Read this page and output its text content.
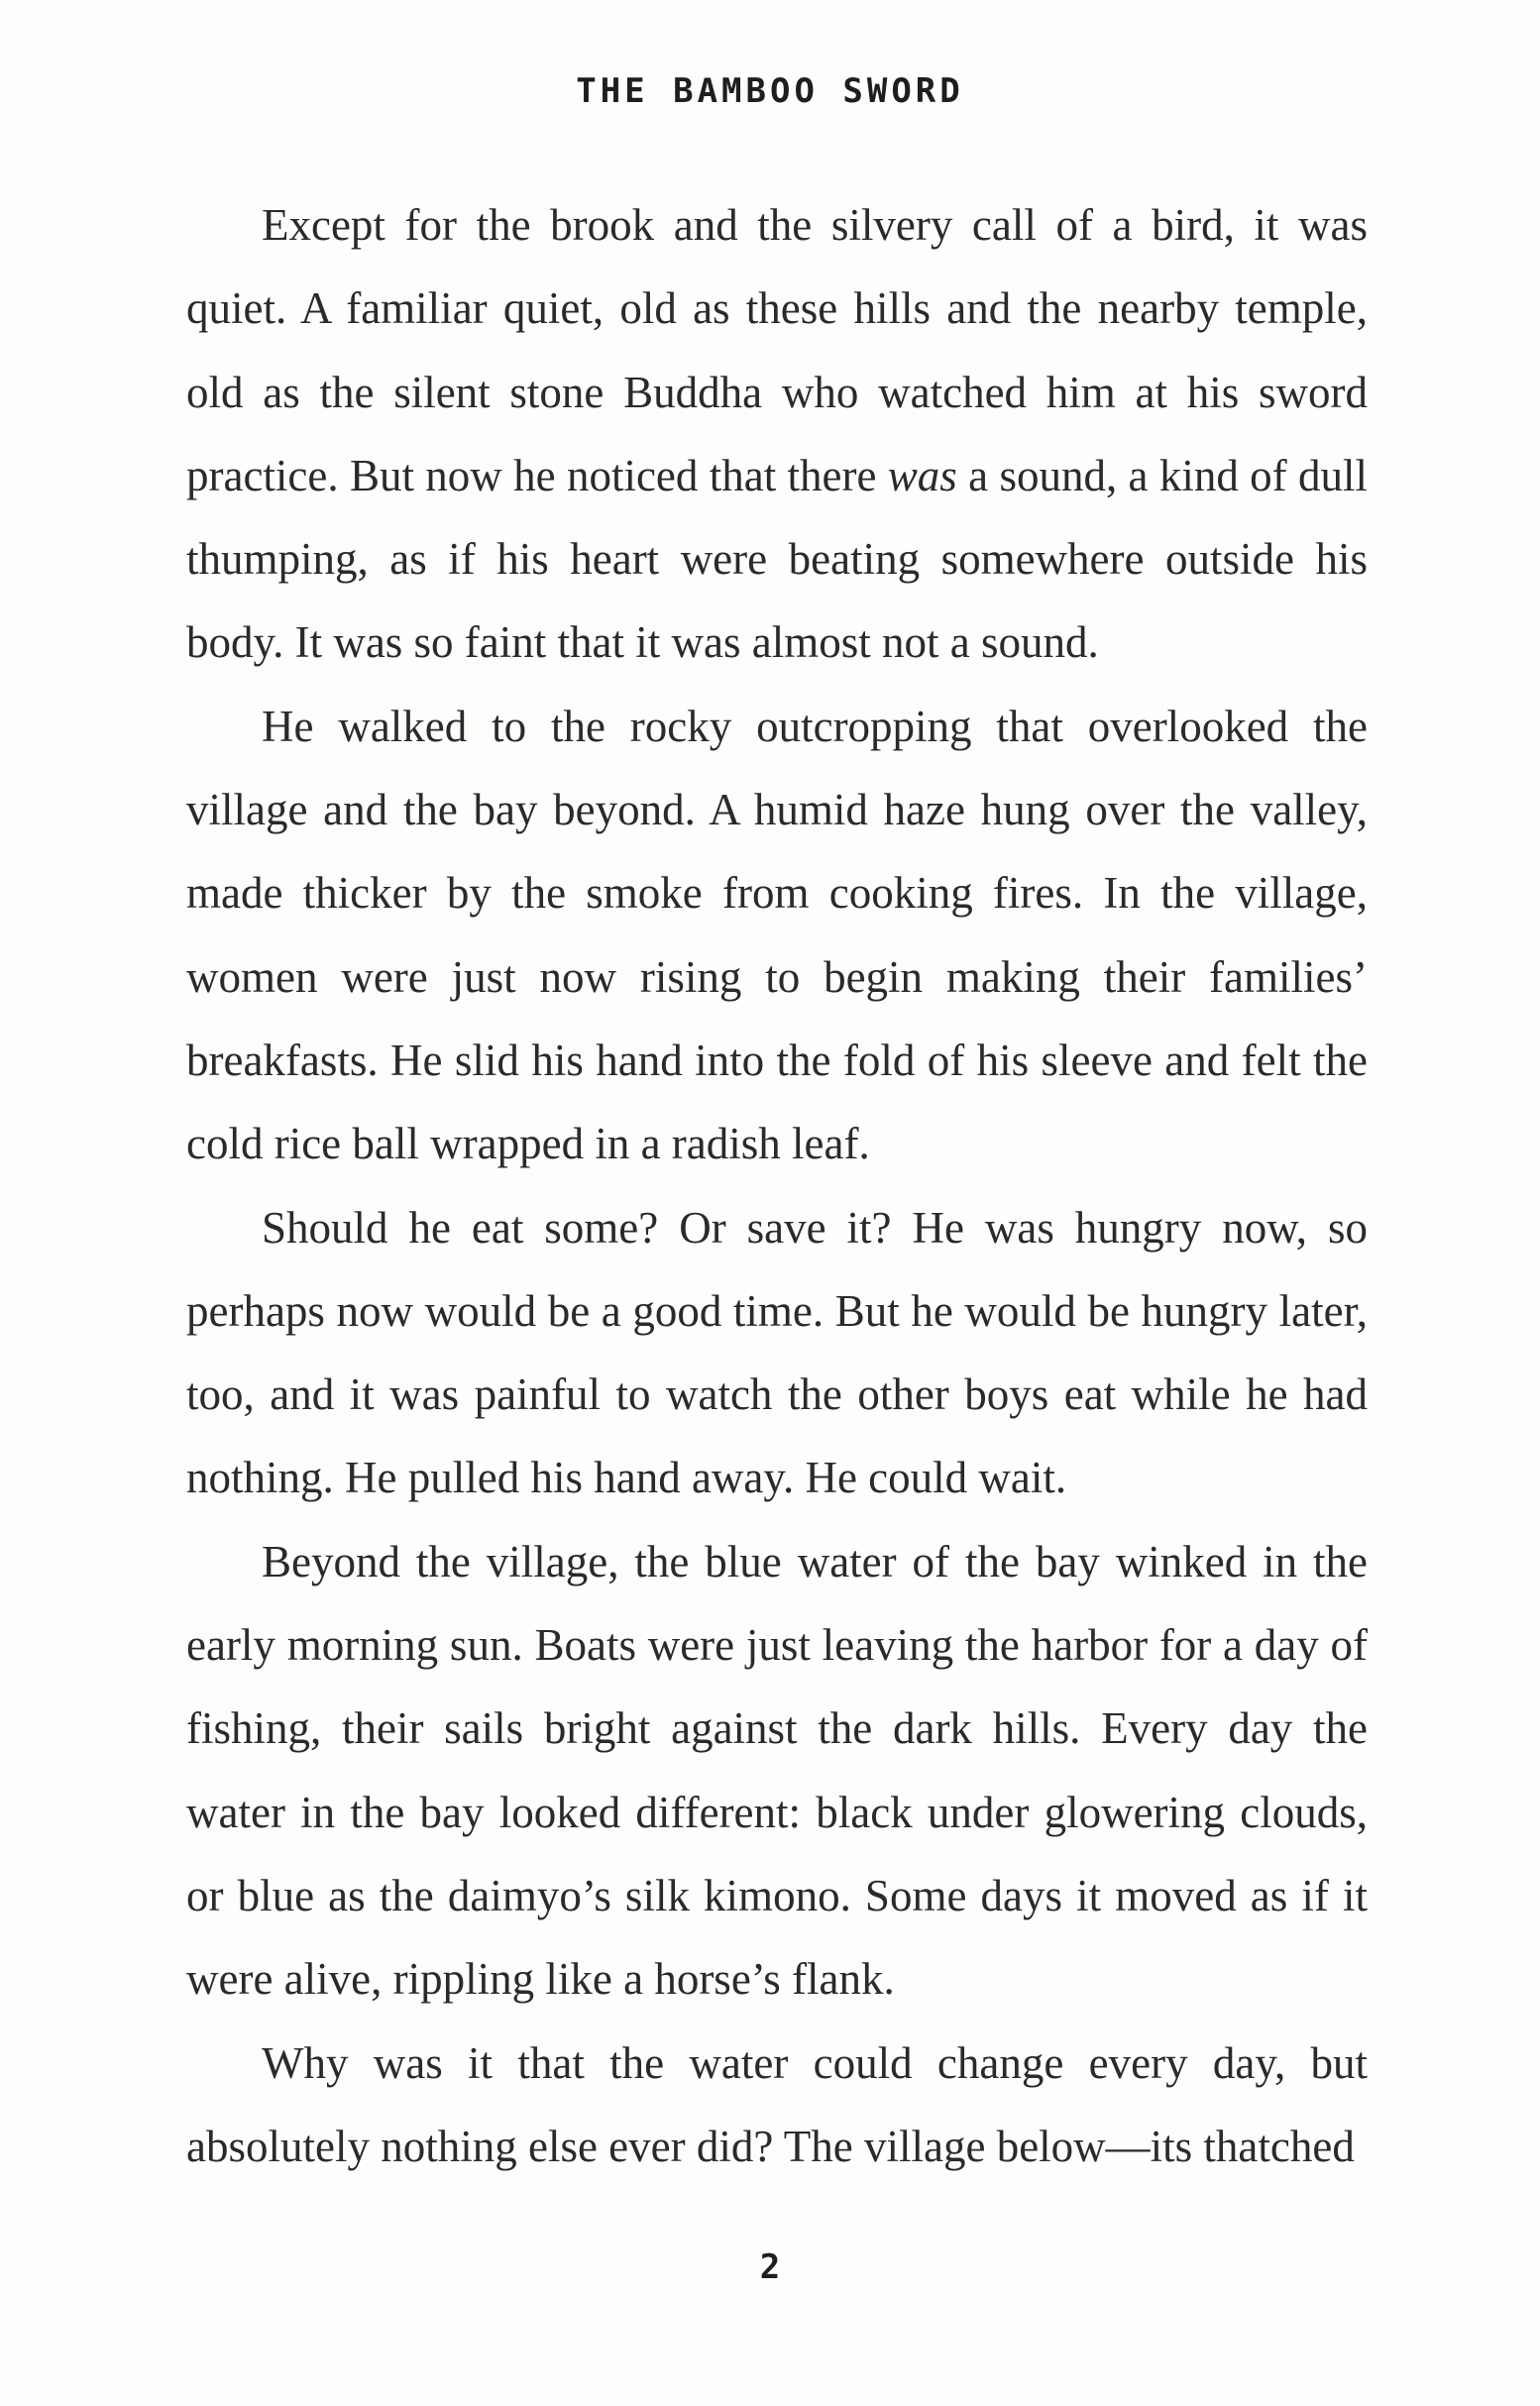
THE BAMBOO SWORD

Except for the brook and the silvery call of a bird, it was quiet. A familiar quiet, old as these hills and the nearby temple, old as the silent stone Buddha who watched him at his sword practice. But now he noticed that there was a sound, a kind of dull thumping, as if his heart were beating somewhere outside his body. It was so faint that it was almost not a sound.

He walked to the rocky outcropping that overlooked the village and the bay beyond. A humid haze hung over the valley, made thicker by the smoke from cooking fires. In the village, women were just now rising to begin making their families’ breakfasts. He slid his hand into the fold of his sleeve and felt the cold rice ball wrapped in a radish leaf.

Should he eat some? Or save it? He was hungry now, so perhaps now would be a good time. But he would be hungry later, too, and it was painful to watch the other boys eat while he had nothing. He pulled his hand away. He could wait.

Beyond the village, the blue water of the bay winked in the early morning sun. Boats were just leaving the harbor for a day of fishing, their sails bright against the dark hills. Every day the water in the bay looked different: black under glowering clouds, or blue as the daimyo’s silk kimono. Some days it moved as if it were alive, rippling like a horse’s flank.

Why was it that the water could change every day, but absolutely nothing else ever did? The village below—its thatched

2
